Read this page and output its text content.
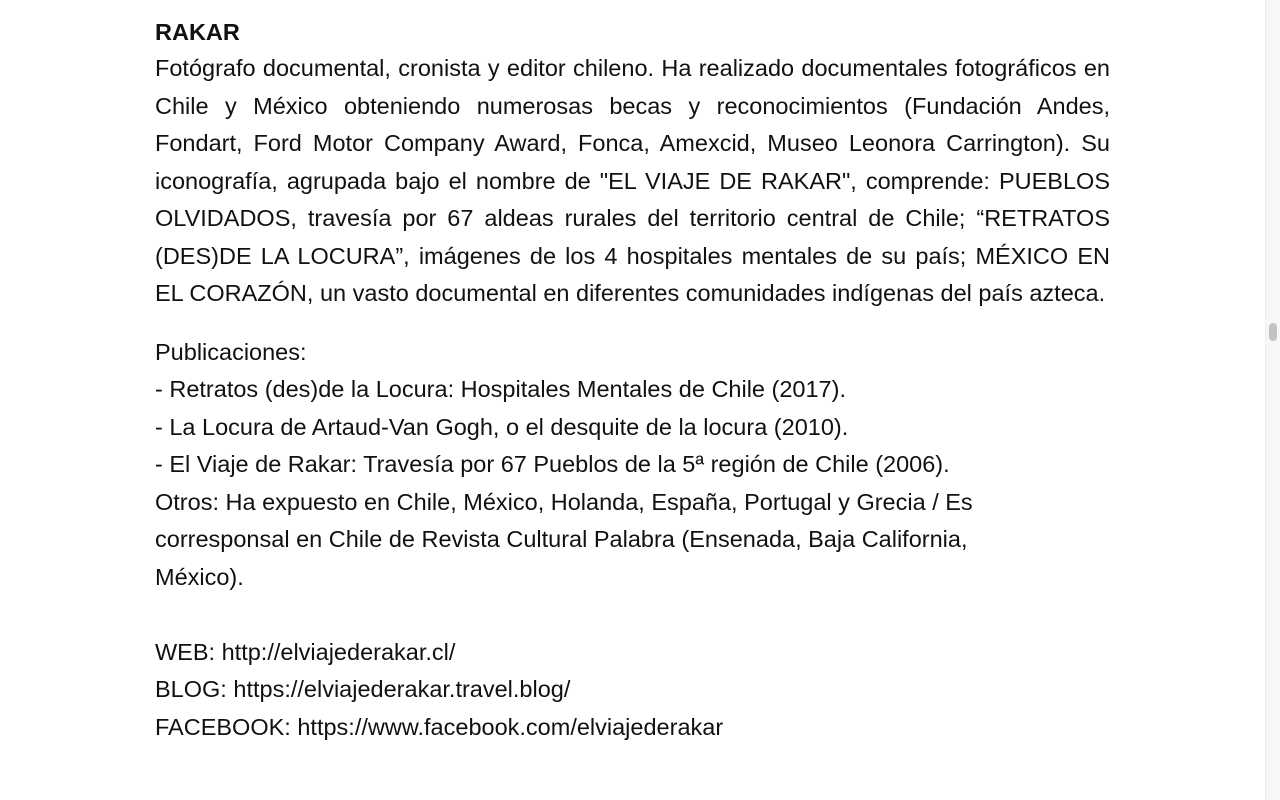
RAKAR

Fotógrafo documental, cronista y editor chileno. Ha realizado documentales fotográficos en Chile y México obteniendo numerosas becas y reconocimientos (Fundación Andes, Fondart, Ford Motor Company Award, Fonca, Amexcid, Museo Leonora Carrington). Su iconografía, agrupada bajo el nombre de "EL VIAJE DE RAKAR", comprende: PUEBLOS OLVIDADOS, travesía por 67 aldeas rurales del territorio central de Chile; “RETRATOS (DES)DE LA LOCURA”, imágenes de los 4 hospitales mentales de su país; MÉXICO EN EL CORAZÓN, un vasto documental en diferentes comunidades indígenas del país azteca.

Publicaciones:
- Retratos (des)de la Locura: Hospitales Mentales de Chile (2017).
- La Locura de Artaud-Van Gogh, o el desquite de la locura (2010).
- El Viaje de Rakar: Travesía por 67 Pueblos de la 5ª región de Chile (2006).
Otros: Ha expuesto en Chile, México, Holanda, España, Portugal y Grecia / Es corresponsal en Chile de Revista Cultural Palabra (Ensenada, Baja California, México).
WEB: http://elviajederakar.cl/
BLOG: https://elviajederakar.travel.blog/
FACEBOOK: https://www.facebook.com/elviajederakar
